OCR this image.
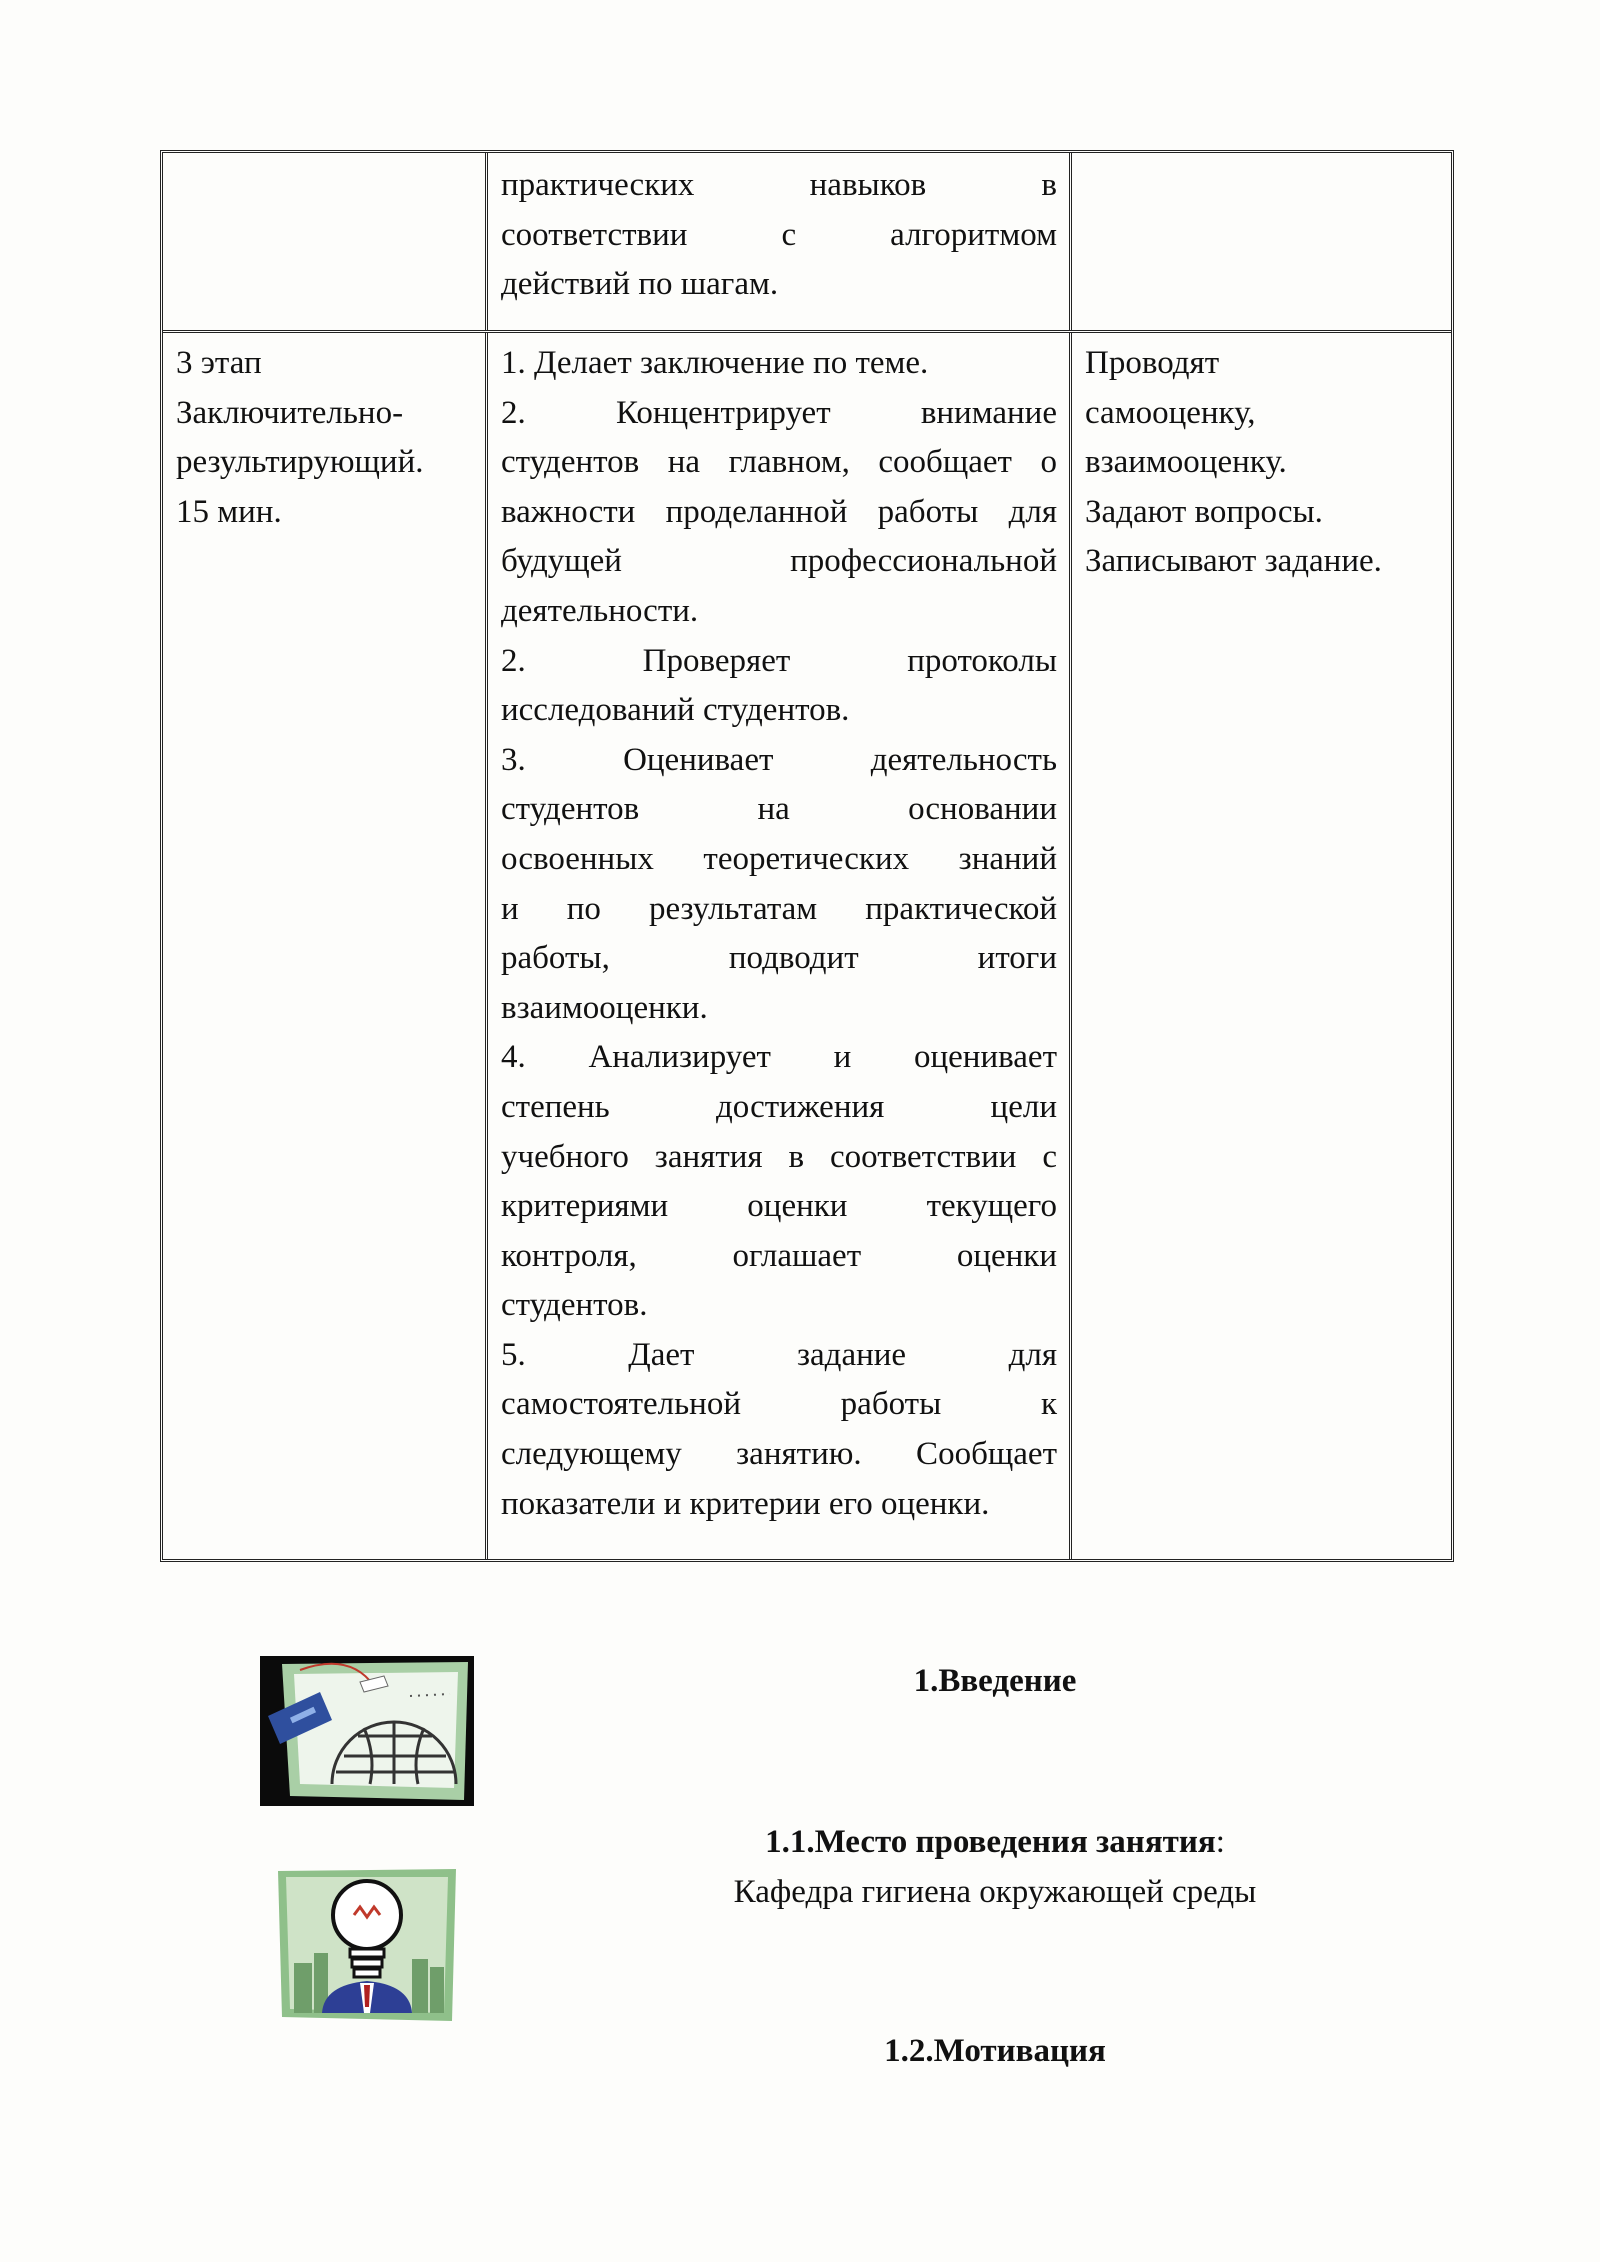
практических навыков в
соответствии с алгоритмом
действий по шагам.
3 этап
Заключительно-
результирующий.
15 мин.
1. Делает заключение по теме.
2. Концентрирует внимание
студентов на главном, сообщает о
важности проделанной работы для
будущей профессиональной
деятельности.
2. Проверяет протоколы
исследований студентов.
3. Оценивает деятельность
студентов на основании
освоенных теоретических знаний
и по результатам практической
работы, подводит итоги
взаимооценки.
4. Анализирует и оценивает
степень достижения цели
учебного занятия в соответствии с
критериями оценки текущего
контроля, оглашает оценки
студентов.
5. Дает задание для
самостоятельной работы к
следующему занятию. Сообщает
показатели и критерии его оценки.
Проводят
самооценку,
взаимооценку.
Задают вопросы.
Записывают задание.
1.Введение
1.1.Место проведения занятия:
Кафедра гигиена окружающей среды
1.2.Мотивация
